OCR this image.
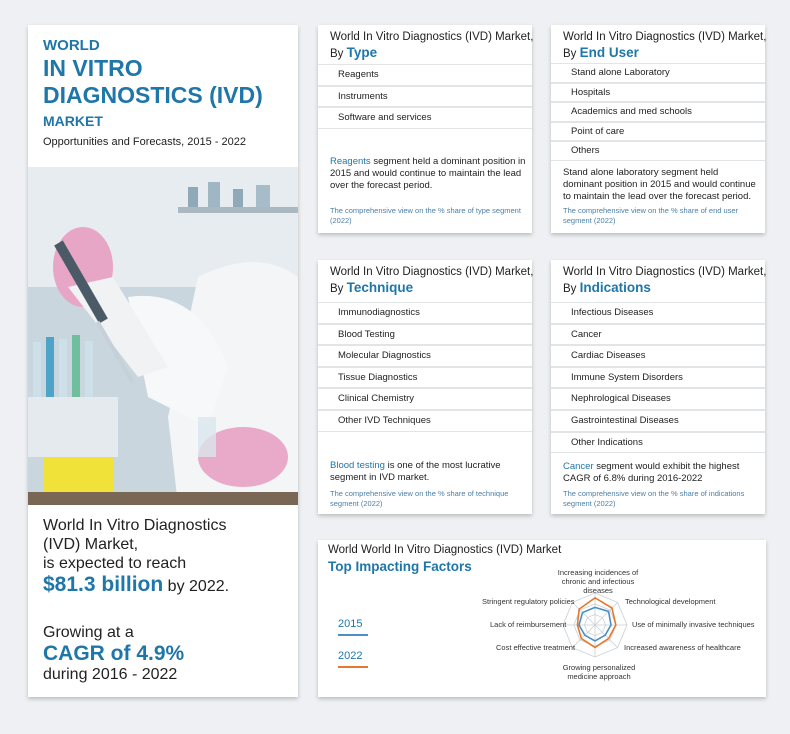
WORLD
IN VITRO DIAGNOSTICS (IVD)
MARKET
Opportunities and Forecasts, 2015 - 2022
World In Vitro Diagnostics
(IVD) Market,
is expected to reach
$81.3 billion by 2022.
Growing at a
CAGR of 4.9%
during 2016 - 2022
World In Vitro Diagnostics (IVD) Market, By Type
Reagents
Instruments
Software and services
Reagents segment held a dominant position in 2015 and would continue to maintain the lead over the forecast period.
The comprehensive view on the % share of type segment (2022)
World In Vitro Diagnostics (IVD) Market, By End User
Stand alone Laboratory
Hospitals
Academics and med schools
Point of care
Others
Stand alone laboratory segment held dominant position in 2015 and would continue to maintain the lead over the forecast period.
The comprehensive view on the % share of end user segment (2022)
World In Vitro Diagnostics (IVD) Market, By Technique
Immunodiagnostics
Blood Testing
Molecular Diagnostics
Tissue Diagnostics
Clinical Chemistry
Other IVD Techniques
Blood testing is one of the most lucrative segment in IVD market.
The comprehensive view on the % share of technique segment (2022)
World In Vitro Diagnostics (IVD) Market, By Indications
Infectious Diseases
Cancer
Cardiac Diseases
Immune System Disorders
Nephrological Diseases
Gastrointestinal Diseases
Other Indications
Cancer segment would exhibit the highest CAGR of 6.8% during 2016-2022
The comprehensive view on the % share of indications segment (2022)
World World In Vitro Diagnostics (IVD) Market
Top Impacting Factors
2015
2022
Increasing incidences of chronic and infectious diseases
Technological development
Use of minimally invasive techniques
Increased awareness of healthcare
Growing personalized medicine approach
Cost effective treatment
Lack of reimbursement
Stringent regulatory policies
